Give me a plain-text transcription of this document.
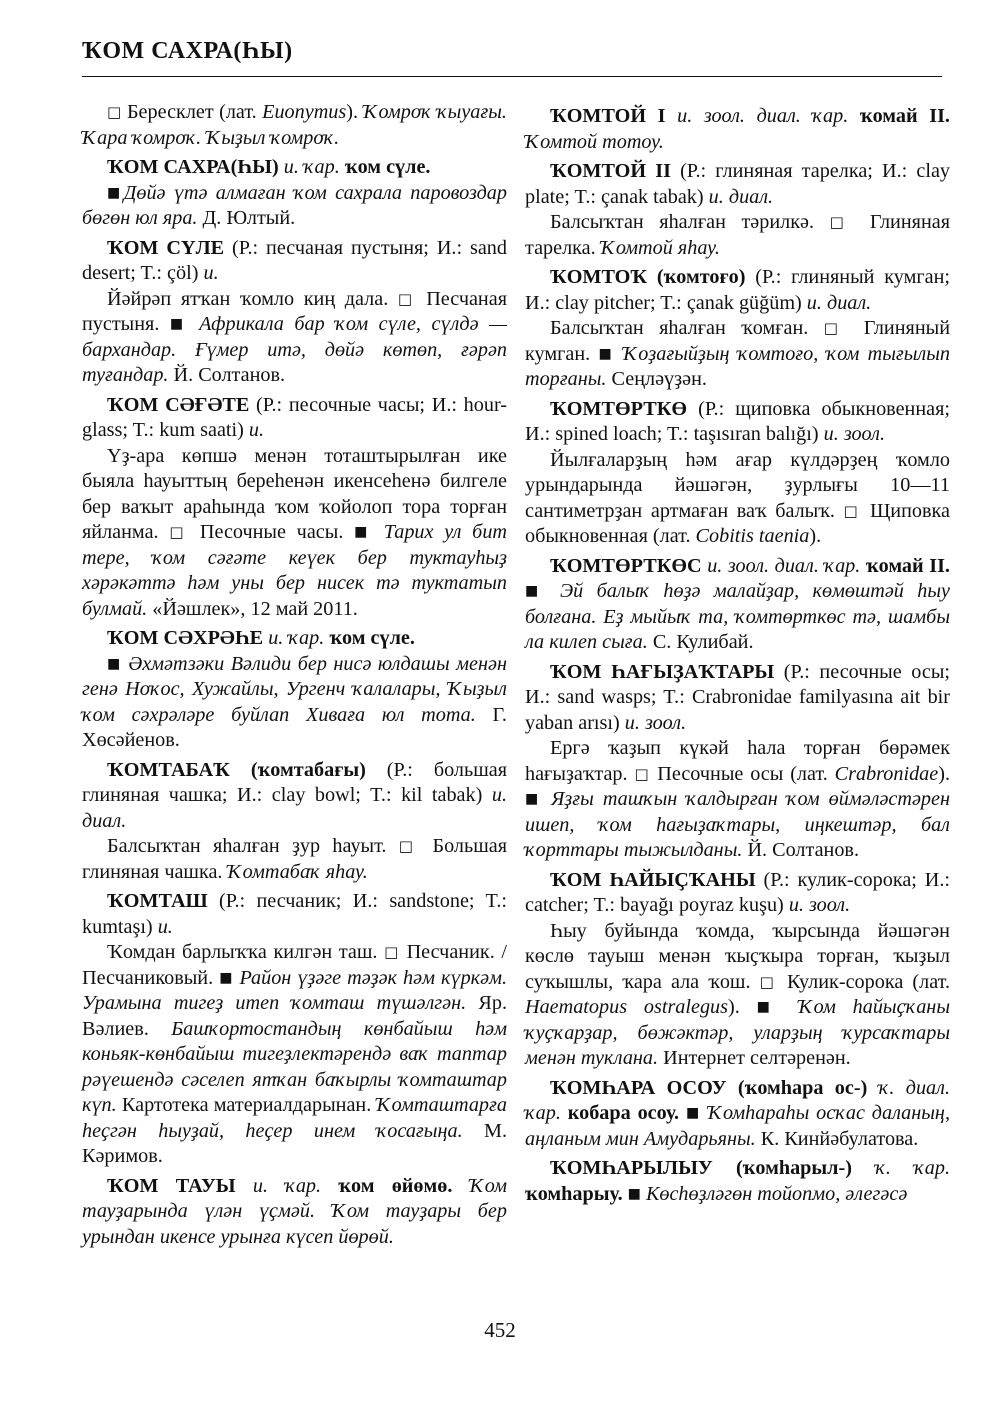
ҠОМ САХРА(ҺЫ)

□ Бересклет (лат. Euonymus). Ҡомроҡ ҡыуағы. Ҡара ҡомроҡ. Ҡыҙыл ҡомроҡ.

ҠОМ САХРА(ҺЫ) и. ҡар. ҡом сүле.

■Дөйә үтә алмаған ҡом сахрала паровоздар бөгөн юл яра. Д. Юлтый.

ҠОМ СҮЛЕ (Р.: песчаная пустыня; И.: sand desert; T.: çöl) и.

Йәйрәп ятҡан ҡомло киң дала. □ Песчаная пустыня. ■ Африкала бар ҡом сүле, сүлдә — бархандар. Ғүмер итә, дөйә көтөп, ғәрәп туғандар. Й. Солтанов.

ҠОМ СӘҒӘТЕ (Р.: песочные часы; И.: hour-glass; T.: kum saati) и.

Үҙ-ара көпшә менән тоташтырылған ике быяла һауыттың береһенән икенсеһенә билгеле бер ваҡыт араһында ҡом ҡойолоп тора торған яйланма. □ Песочные часы. ■ Тарих ул бит тере, ҡом сәғәте кеүек бер туктауһыҙ хәрәкәттә һәм уны бер нисек тә туктатып булмай. «Йәшлек», 12 май 2011.

ҠОМ СӘХРӘҺЕ и. ҡар. ҡом сүле.

■ Әхмәтзәки Вәлиди бер нисә юлдашы менән генә Ноҡос, Хужайлы, Ургенч ҡалалары, Ҡыҙыл ҡом сәхрәләре буйлап Хиваға юл тота. Г. Хөсәйенов.

ҠОМТАБАҠ (ҡомтабағы) (Р.: большая глиняная чашка; И.: clay bowl; T.: kil tabak) и. диал.

Балсыҡтан яһалған ҙур һауыт. □ Большая глиняная чашка. Ҡомтабаҡ яһау.

ҠОМТАШ (Р.: песчаник; И.: sandstone; T.: kumtaşı) и.

Ҡомдан барлыҡҡа килгән таш. □ Песчаник. / Песчаниковый. ■ Район үҙәге тәҙәк һәм күркәм. Урамына тигеҙ итеп ҡомташ түшәлгән. Яр. Вәлиев. Башҡортостандың көнбайыш һәм коньяк-көнбайыш тигеҙлектәрендә ваҡ таптар рәүешендә сәселеп ятҡан баҡырлы ҡомташтар күп. Картотека материалдарынан. Ҡомташтарға һеҫгән һыуҙай, һеҫер инем ҡосағыңа. М. Кәримов.

ҠОМ ТАУЫ и. ҡар. ҡом өйөмө. Ҡом тауҙарында үлән үҫмәй. Ҡом тауҙары бер урындан икенсе урынға күсеп йөрөй.

ҠОМТОЙ I и. зоол. диал. ҡар. ҡомай II. Ҡомтой тотоу.

ҠОМТОЙ II (Р.: глиняная тарелка; И.: clay plate; T.: çanak tabak) и. диал.

Балсыҡтан яһалған тәрилкә. □ Глиняная тарелка. Ҡомтой яһау.

ҠОМТОҠ (ҡомтоғо) (Р.: глиняный кумган; И.: clay pitcher; T.: çanak güğüm) и. диал.

Балсыҡтан яһалған ҡомған. □ Глиняный кумган. ■ Ҡоҙағыйҙың ҡомтоғо, ҡом тығылып торғаны. Сеңләүҙән.

ҠОМТӨРТКӨ (Р.: щиповка обыкновенная; И.: spined loach; T.: taşısıran balığı) и. зоол.

Йылғаларҙың һәм ағар күлдәрҙең ҡомло урындарында йәшәгән, ҙурлығы 10—11 сантиметрҙан артмаған ваҡ балыҡ. □ Щиповка обыкновенная (лат. Cobitis taenia).

ҠОМТӨРТКӨС и. зоол. диал. ҡар. ҡомай II. ■ Эй балыҡ һөҙә малайҙар, көмөштәй һыу болғана. Еҙ мыйыҡ та, ҡомтөрткөс тә, шамбы ла килеп сыға. С. Кулибай.

ҠОМ ҺАҒЫҘАҠТАРЫ (Р.: песочные осы; И.: sand wasps; T.: Crabronidae familyasına ait bir yaban arısı) и. зоол.

Ергә ҡаҙып күкәй һала торған бөрәмек һағыҙаҡтар. □ Песочные осы (лат. Crabronidae). ■ Яҙғы ташҡын ҡалдырған ҡом өймәләстәрен ишеп, ҡом һағыҙаҡтары, иңкештәр, бал ҡорттары тыжылданы. Й. Солтанов.

ҠОМ ҺАЙЫҪҠАНЫ (Р.: кулик-сорока; И.: catcher; T.: bayağı poyraz kuşu) и. зоол.

Һыу буйында ҡомда, ҡырсында йәшәгән көслө тауыш менән ҡыҫҡыра торған, ҡыҙыл суҡышлы, ҡара ала ҡош. □ Кулик-сорока (лат. Haematopus ostralegus). ■ Ҡом һайыҫҡаны ҡуҫҡарҙар, бөжәктәр, уларҙың ҡурсаҡтары менән туклана. Интернет селтәренән.

ҠОМҺАРА ОСОУ (ҡомһара ос-) ҡ. диал. ҡар. кобара осоу. ■ Ҡомһараһы осҡас даланың, аңланым мин Амударьяны. К. Кинйәбулатова.

ҠОМҺАРЫЛЫУ (ҡомһарыл-) ҡ. ҡар. ҡомһарыу. ■ Көсһөҙләгөн тойопмо, әлегәсә

452
